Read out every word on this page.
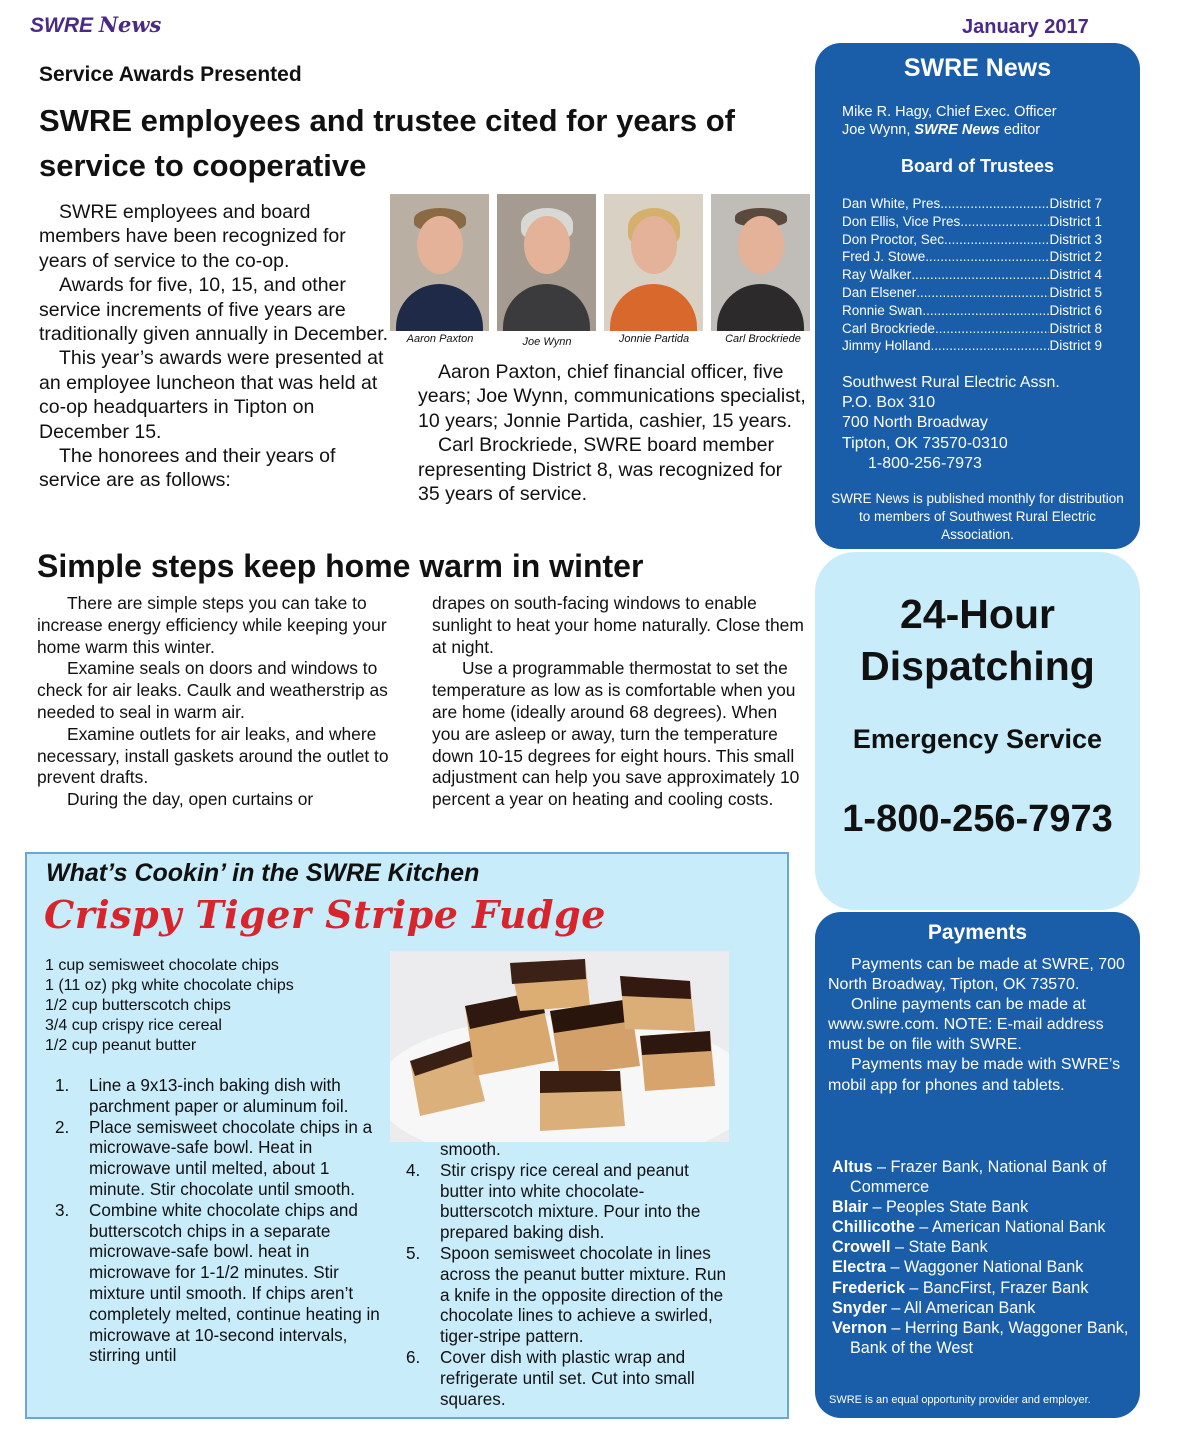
SWRE News	January 2017
Service Awards Presented
SWRE employees and trustee cited for years of service to cooperative

SWRE employees and board members have been recognized for years of service to the co-op.

Awards for five, 10, 15, and other service increments of five years are traditionally given annually in December.

This year’s awards were presented at an employee luncheon that was held at co-op headquarters in Tipton on December 15.

The honorees and their years of service are as follows:

Aaron Paxton	Joe Wynn	Jonnie Partida	Carl Brockriede

Aaron Paxton, chief financial officer, five years; Joe Wynn, communications specialist, 10 years; Jonnie Partida, cashier, 15 years.

Carl Brockriede, SWRE board member representing District 8, was recognized for 35 years of service.

Simple steps keep home warm in winter

There are simple steps you can take to increase energy efficiency while keeping your home warm this winter.

Examine seals on doors and windows to check for air leaks. Caulk and weatherstrip as needed to seal in warm air.

Examine outlets for air leaks, and where necessary, install gaskets around the outlet to prevent drafts.

During the day, open curtains or

drapes on south-facing windows to enable sunlight to heat your home naturally. Close them at night.

Use a programmable thermostat to set the temperature as low as is comfortable when you are home (ideally around 68 degrees). When you are asleep or away, turn the temperature down 10-15 degrees for eight hours. This small adjustment can help you save approximately 10 percent a year on heating and cooling costs.

What’s Cookin’ in the SWRE Kitchen
Crispy Tiger Stripe Fudge
1 cup semisweet chocolate chips
1 (11 oz) pkg white chocolate chips
1/2 cup butterscotch chips
3/4 cup crispy rice cereal
1/2 cup peanut butter
1.	Line a 9x13-inch baking dish with parchment paper or aluminum foil.
2.	Place semisweet chocolate chips in a microwave-safe bowl. Heat in microwave until melted, about 1 minute. Stir chocolate until smooth.
3.	Combine white chocolate chips and butterscotch chips in a separate microwave-safe bowl. heat in microwave for 1-1/2 minutes. Stir mixture until smooth. If chips aren’t completely melted, continue heating in microwave at 10-second intervals, stirring until
smooth.
4.	Stir crispy rice cereal and peanut butter into white chocolate-butterscotch mixture. Pour into the prepared baking dish.
5.	Spoon semisweet chocolate in lines across the peanut butter mixture. Run a knife in the opposite direction of the chocolate lines to achieve a swirled, tiger-stripe pattern.
6.	Cover dish with plastic wrap and refrigerate until set. Cut into small squares.
SWRE News
Mike R. Hagy, Chief Exec. Officer
Joe Wynn, SWRE News editor
Board of Trustees
Dan White, Pres. .....	District 7
Don Ellis, Vice Pres. .....	District 1
Don Proctor, Sec. .....	District 3
Fred J. Stowe .....	District 2
Ray Walker .....	District 4
Dan Elsener .....	District 5
Ronnie Swan .....	District 6
Carl Brockriede .....	District 8
Jimmy Holland .....	District 9
Southwest Rural Electric Assn.
P.O. Box 310
700 North Broadway
Tipton, OK 73570-0310
1-800-256-7973
SWRE News is published monthly for distribution to members of Southwest Rural Electric Association.
24-Hour Dispatching
Emergency Service
1-800-256-7973
Payments

Payments can be made at SWRE, 700 North Broadway, Tipton, OK 73570.

Online payments can be made at www.swre.com. NOTE: E-mail address must be on file with SWRE.

Payments may be made with SWRE’s mobil app for phones and tablets.

Altus – Frazer Bank, National Bank of Commerce
Blair – Peoples State Bank
Chillicothe – American National Bank
Crowell – State Bank
Electra – Waggoner National Bank
Frederick – BancFirst, Frazer Bank
Snyder – All American Bank
Vernon – Herring Bank, Waggoner Bank, Bank of the West
SWRE is an equal opportunity provider and employer.
